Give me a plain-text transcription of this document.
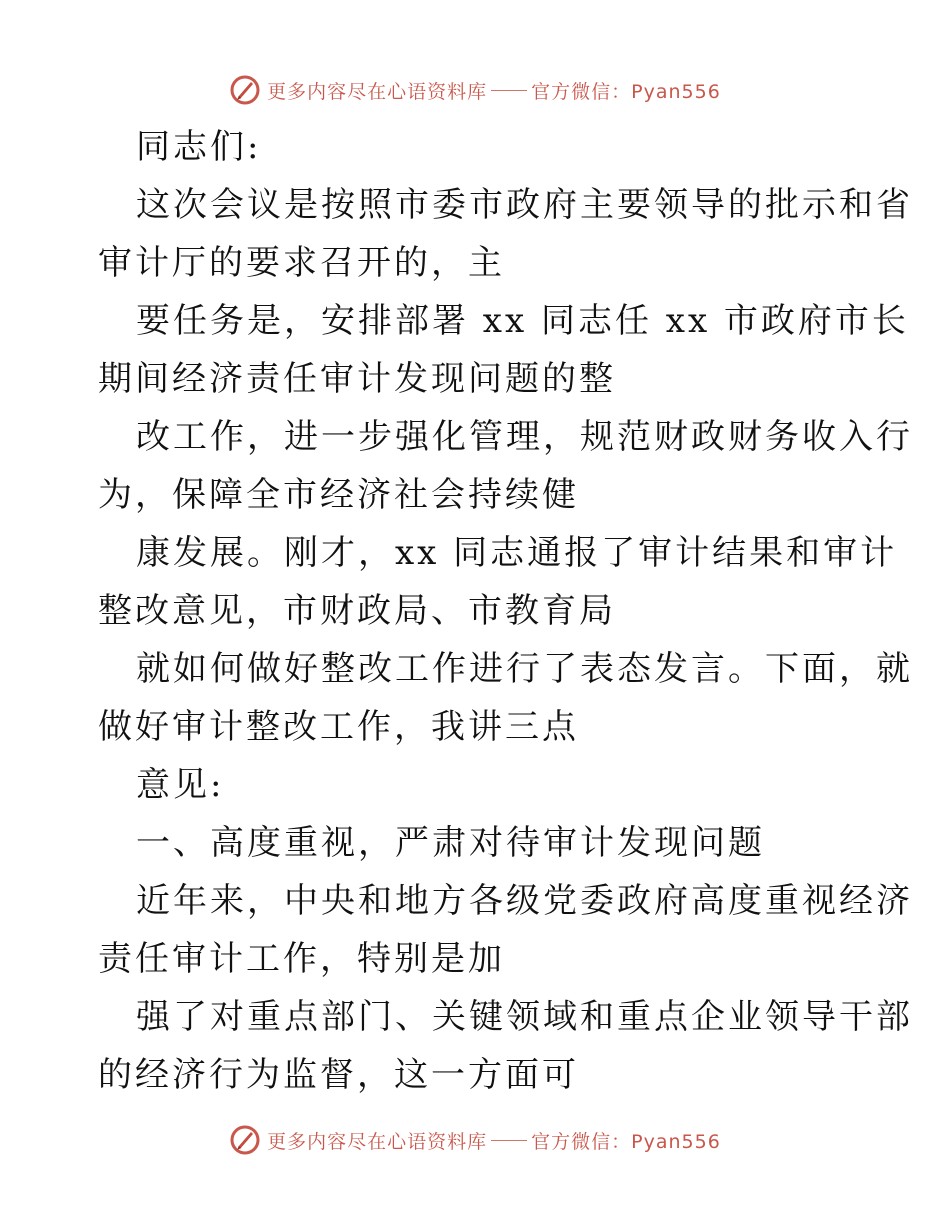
更多内容尽在心语资料库 官方微信：Pyan556
同志们:
这次会议是按照市委市政府主要领导的批示和省
审计厅的要求召开的，主
要任务是，安排部署 xx 同志任 xx 市政府市长
期间经济责任审计发现问题的整
改工作，进一步强化管理，规范财政财务收入行
为，保障全市经济社会持续健
康发展。刚才，xx 同志通报了审计结果和审计
整改意见，市财政局、市教育局
就如何做好整改工作进行了表态发言。下面，就
做好审计整改工作，我讲三点
意见:
一、高度重视，严肃对待审计发现问题
近年来，中央和地方各级党委政府高度重视经济
责任审计工作，特别是加
强了对重点部门、关键领域和重点企业领导干部
的经济行为监督，这一方面可
更多内容尽在心语资料库 官方微信：Pyan556
